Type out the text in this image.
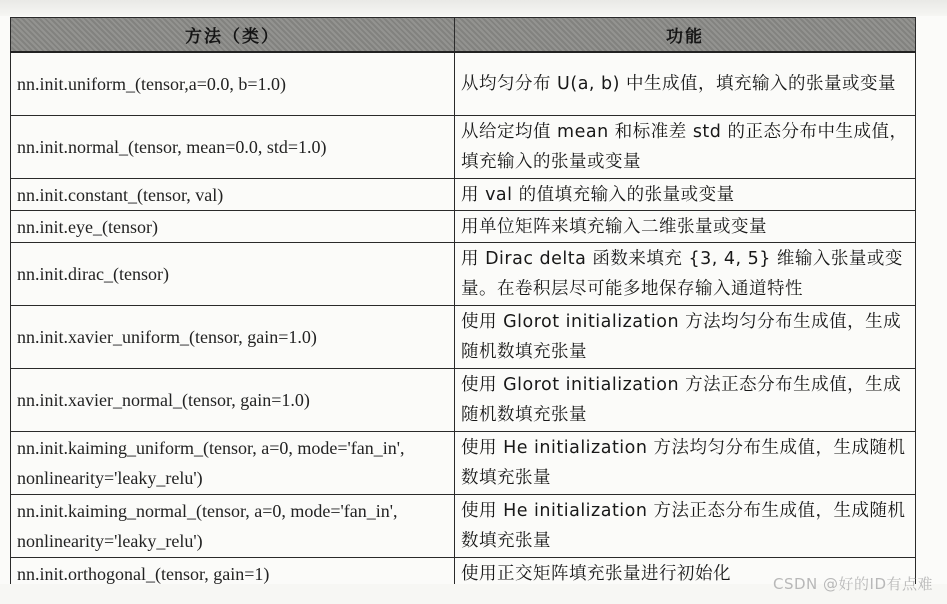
方法（类）	功能
nn.init.uniform_(tensor,a=0.0, b=1.0)	从均匀分布 U(a, b) 中生成值，填充输入的张量或变量
nn.init.normal_(tensor, mean=0.0, std=1.0)	从给定均值 mean 和标准差 std 的正态分布中生成值，填充输入的张量或变量
nn.init.constant_(tensor, val)	用 val 的值填充输入的张量或变量
nn.init.eye_(tensor)	用单位矩阵来填充输入二维张量或变量
nn.init.dirac_(tensor)	用 Dirac delta 函数来填充 {3, 4, 5} 维输入张量或变量。在卷积层尽可能多地保存输入通道特性
nn.init.xavier_uniform_(tensor, gain=1.0)	使用 Glorot initialization 方法均匀分布生成值，生成随机数填充张量
nn.init.xavier_normal_(tensor, gain=1.0)	使用 Glorot initialization 方法正态分布生成值，生成随机数填充张量
nn.init.kaiming_uniform_(tensor, a=0, mode='fan_in', nonlinearity='leaky_relu')	使用 He initialization 方法均匀分布生成值，生成随机数填充张量
nn.init.kaiming_normal_(tensor, a=0, mode='fan_in', nonlinearity='leaky_relu')	使用 He initialization 方法正态分布生成值，生成随机数填充张量
nn.init.orthogonal_(tensor, gain=1)	使用正交矩阵填充张量进行初始化
CSDN @好的ID有点难
